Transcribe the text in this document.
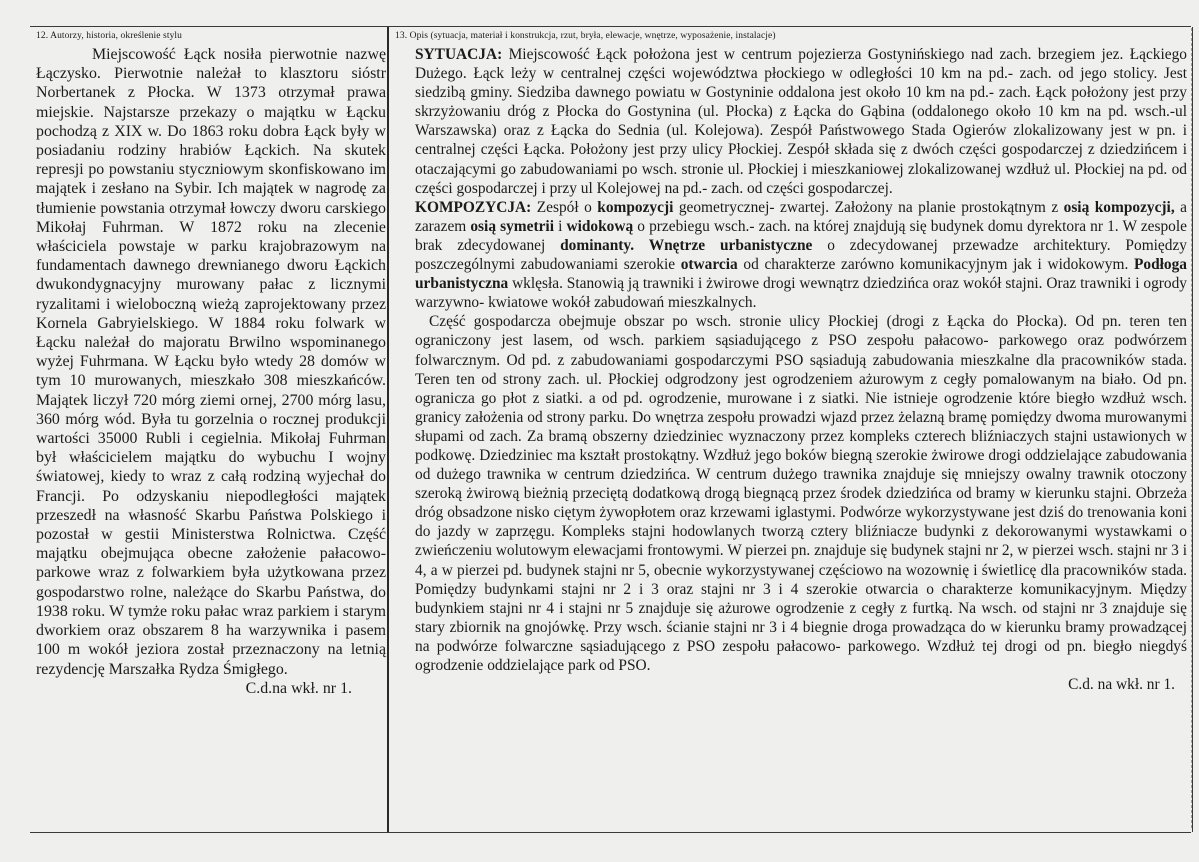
12. Autorzy, historia, określenie stylu

Miejscowość Łąck nosiła pierwotnie nazwę Łączysko. Pierwotnie należał to klasztoru sióstr Norbertanek z Płocka. W 1373 otrzymał prawa miejskie. Najstarsze przekazy o majątku w Łącku pochodzą z XIX w. Do 1863 roku dobra Łąck były w posiadaniu rodziny hrabiów Łąckich. Na skutek represji po powstaniu styczniowym skonfiskowano im majątek i zesłano na Sybir. Ich majątek w nagrodę za tłumienie powstania otrzymał łowczy dworu carskiego Mikołaj Fuhrman. W 1872 roku na zlecenie właściciela powstaje w parku krajobrazowym na fundamentach dawnego drewnianego dworu Łąckich dwukondygnacyjny murowany pałac z licznymi ryzalitami i wieloboczną wieżą zaprojektowany przez Kornela Gabryielskiego. W 1884 roku folwark w Łącku należał do majoratu Brwilno wspominanego wyżej Fuhrmana. W Łącku było wtedy 28 domów w tym 10 murowanych, mieszkało 308 mieszkańców. Majątek liczył 720 mórg ziemi ornej, 2700 mórg lasu, 360 mórg wód. Była tu gorzelnia o rocznej produkcji wartości 35000 Rubli i cegielnia. Mikołaj Fuhrman był właścicielem majątku do wybuchu I wojny światowej, kiedy to wraz z całą rodziną wyjechał do Francji. Po odzyskaniu niepodległości majątek przeszedł na własność Skarbu Państwa Polskiego i pozostał w gestii Ministerstwa Rolnictwa. Część majątku obejmująca obecne założenie pałacowo- parkowe wraz z folwarkiem była użytkowana przez gospodarstwo rolne, należące do Skarbu Państwa, do 1938 roku. W tymże roku pałac wraz parkiem i starym dworkiem oraz obszarem 8 ha warzywnika i pasem 100 m wokół jeziora został przeznaczony na letnią rezydencję Marszałka Rydza Śmigłego.

C.d.na wkł. nr 1.

13. Opis (sytuacja, materiał i konstrukcja, rzut, bryła, elewacje, wnętrze, wyposażenie, instalacje)

SYTUACJA: Miejscowość Łąck położona jest w centrum pojezierza Gostynińskiego nad zach. brzegiem jez. Łąckiego Dużego. Łąck leży w centralnej części województwa płockiego w odległości 10 km na pd.- zach. od jego stolicy. Jest siedzibą gminy. Siedziba dawnego powiatu w Gostyninie oddalona jest około 10 km na pd.- zach. Łąck położony jest przy skrzyżowaniu dróg z Płocka do Gostynina (ul. Płocka) z Łącka do Gąbina (oddalonego około 10 km na pd. wsch.-ul Warszawska) oraz z Łącka do Sednia (ul. Kolejowa). Zespół Państwowego Stada Ogierów zlokalizowany jest w pn. i centralnej części Łącka. Położony jest przy ulicy Płockiej. Zespół składa się z dwóch części gospodarczej z dziedzińcem i otaczającymi go zabudowaniami po wsch. stronie ul. Płockiej i mieszkaniowej zlokalizowanej wzdłuż ul. Płockiej na pd. od części gospodarczej i przy ul Kolejowej na pd.- zach. od części gospodarczej.

KOMPOZYCJA: Zespół o kompozycji geometrycznej- zwartej. Założony na planie prostokątnym z osią kompozycji, a zarazem osią symetrii i widokową o przebiegu wsch.- zach. na której znajdują się budynek domu dyrektora nr 1. W zespole brak zdecydowanej dominanty. Wnętrze urbanistyczne o zdecydowanej przewadze architektury. Pomiędzy poszczególnymi zabudowaniami szerokie otwarcia od charakterze zarówno komunikacyjnym jak i widokowym. Podłoga urbanistyczna wklęsła. Stanowią ją trawniki i żwirowe drogi wewnątrz dziedzińca oraz wokół stajni. Oraz trawniki i ogrody warzywno- kwiatowe wokół zabudowań mieszkalnych.

Część gospodarcza obejmuje obszar po wsch. stronie ulicy Płockiej (drogi z Łącka do Płocka). Od pn. teren ten ograniczony jest lasem, od wsch. parkiem sąsiadującego z PSO zespołu pałacowo- parkowego oraz podwórzem folwarcznym. Od pd. z zabudowaniami gospodarczymi PSO sąsiadują zabudowania mieszkalne dla pracowników stada. Teren ten od strony zach. ul. Płockiej odgrodzony jest ogrodzeniem ażurowym z cegły pomalowanym na biało. Od pn. ogranicza go płot z siatki. a od pd. ogrodzenie, murowane i z siatki. Nie istnieje ogrodzenie które biegło wzdłuż wsch. granicy założenia od strony parku. Do wnętrza zespołu prowadzi wjazd przez żelazną bramę pomiędzy dwoma murowanymi słupami od zach. Za bramą obszerny dziedziniec wyznaczony przez kompleks czterech bliźniaczych stajni ustawionych w podkowę. Dziedziniec ma kształt prostokątny. Wzdłuż jego boków biegną szerokie żwirowe drogi oddzielające zabudowania od dużego trawnika w centrum dziedzińca. W centrum dużego trawnika znajduje się mniejszy owalny trawnik otoczony szeroką żwirową bieżnią przeciętą dodatkową drogą biegnącą przez środek dziedzińca od bramy w kierunku stajni. Obrzeża dróg obsadzone nisko ciętym żywopłotem oraz krzewami iglastymi. Podwórze wykorzystywane jest dziś do trenowania koni do jazdy w zaprzęgu. Kompleks stajni hodowlanych tworzą cztery bliźniacze budynki z dekorowanymi wystawkami o zwieńczeniu wolutowym elewacjami frontowymi. W pierzei pn. znajduje się budynek stajni nr 2, w pierzei wsch. stajni nr 3 i 4, a w pierzei pd. budynek stajni nr 5, obecnie wykorzystywanej częściowo na wozownię i świetlicę dla pracowników stada. Pomiędzy budynkami stajni nr 2 i 3 oraz stajni nr 3 i 4 szerokie otwarcia o charakterze komunikacyjnym. Między budynkiem stajni nr 4 i stajni nr 5 znajduje się ażurowe ogrodzenie z cegły z furtką. Na wsch. od stajni nr 3 znajduje się stary zbiornik na gnojówkę. Przy wsch. ścianie stajni nr 3 i 4 biegnie droga prowadząca do w kierunku bramy prowadzącej na podwórze folwarczne sąsiadującego z PSO zespołu pałacowo- parkowego. Wzdłuż tej drogi od pn. biegło niegdyś ogrodzenie oddzielające park od PSO.

C.d. na wkł. nr 1.
